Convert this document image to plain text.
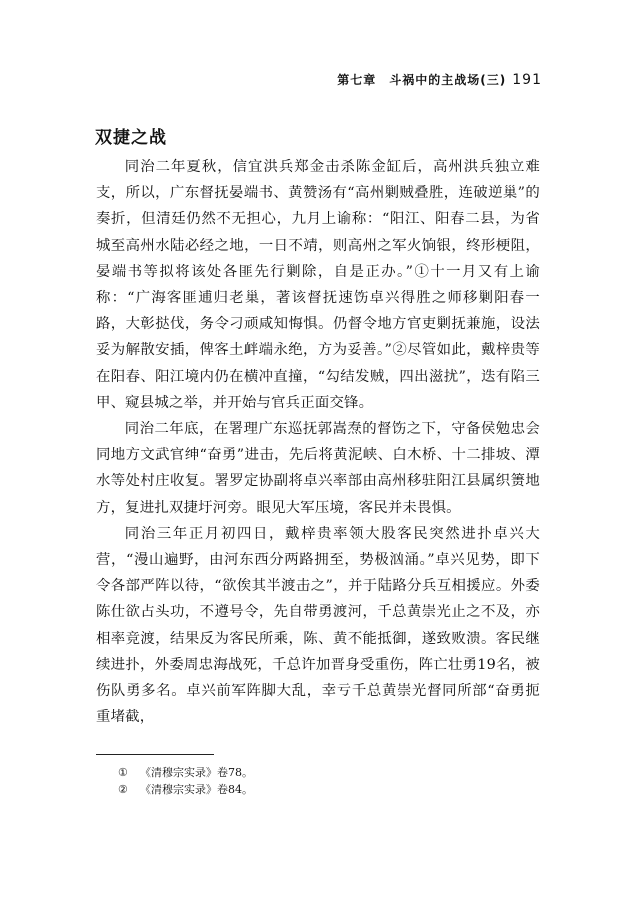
第七章　斗祸中的主战场(三) 191
双捷之战

同治二年夏秋，信宜洪兵郑金击杀陈金缸后，高州洪兵独立难支，所以，广东督抚晏端书、黄赞汤有“高州剿贼叠胜，连破逆巢”的奏折，但清廷仍然不无担心，九月上谕称：“阳江、阳春二县，为省城至高州水陆必经之地，一日不靖，则高州之军火饷银，终形梗阻，晏端书等拟将该处各匪先行剿除，自是正办。”①十一月又有上谕称：“广海客匪逋归老巢，著该督抚速饬卓兴得胜之师移剿阳春一路，大彰挞伐，务令刁顽咸知悔惧。仍督令地方官吏剿抚兼施，设法妥为解散安插，俾客土衅端永绝，方为妥善。”②尽管如此，戴梓贵等在阳春、阳江境内仍在横冲直撞，“勾结发贼，四出滋扰”，迭有陷三甲、窥县城之举，并开始与官兵正面交锋。

同治二年底，在署理广东巡抚郭嵩焘的督饬之下，守备侯勉忠会同地方文武官绅“奋勇”进击，先后将黄泥峡、白木桥、十二排坡、潭水等处村庄收复。署罗定协副将卓兴率部由高州移驻阳江县属织箦地方，复进扎双捷圩河旁。眼见大军压境，客民并未畏惧。

同治三年正月初四日，戴梓贵率领大股客民突然进扑卓兴大营，“漫山遍野，由河东西分两路拥至，势极汹涌。”卓兴见势，即下令各部严阵以待，“欲俟其半渡击之”，并于陆路分兵互相援应。外委陈仕欲占头功，不遵号令，先自带勇渡河，千总黄崇光止之不及，亦相率竞渡，结果反为客民所乘，陈、黄不能抵御，遂致败溃。客民继续进扑，外委周忠海战死，千总许加晋身受重伤，阵亡壮勇19名，被伤队勇多名。卓兴前军阵脚大乱，幸亏千总黄崇光督同所部“奋勇扼重堵截，

① 《清穆宗实录》卷78。
② 《清穆宗实录》卷84。
